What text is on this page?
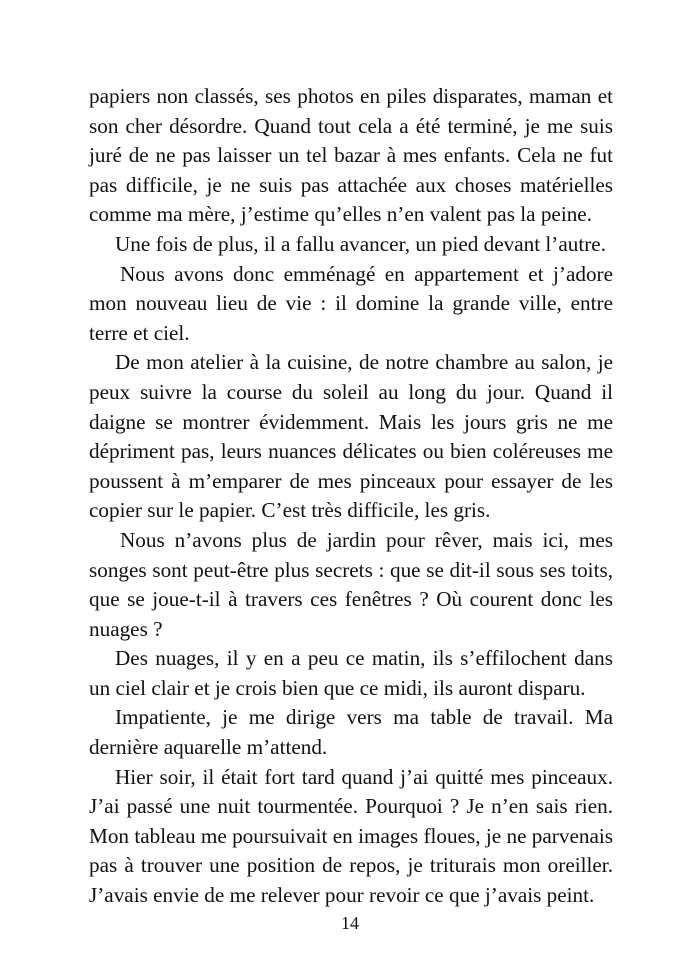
papiers non classés, ses photos en piles disparates, maman et son cher désordre. Quand tout cela a été terminé, je me suis juré de ne pas laisser un tel bazar à mes enfants. Cela ne fut pas difficile, je ne suis pas attachée aux choses matérielles comme ma mère, j’estime qu’elles n’en valent pas la peine.

Une fois de plus, il a fallu avancer, un pied devant l’autre.

Nous avons donc emménagé en appartement et j’adore mon nouveau lieu de vie : il domine la grande ville, entre terre et ciel.

De mon atelier à la cuisine, de notre chambre au salon, je peux suivre la course du soleil au long du jour. Quand il daigne se montrer évidemment. Mais les jours gris ne me dépriment pas, leurs nuances délicates ou bien coléreuses me poussent à m’emparer de mes pinceaux pour essayer de les copier sur le papier. C’est très difficile, les gris.

Nous n’avons plus de jardin pour rêver, mais ici, mes songes sont peut-être plus secrets : que se dit-il sous ses toits, que se joue-t-il à travers ces fenêtres ? Où courent donc les nuages ?

Des nuages, il y en a peu ce matin, ils s’effilochent dans un ciel clair et je crois bien que ce midi, ils auront disparu.

Impatiente, je me dirige vers ma table de travail. Ma dernière aquarelle m’attend.

Hier soir, il était fort tard quand j’ai quitté mes pinceaux. J’ai passé une nuit tourmentée. Pourquoi ? Je n’en sais rien. Mon tableau me poursuivait en images floues, je ne parvenais pas à trouver une position de repos, je triturais mon oreiller. J’avais envie de me relever pour revoir ce que j’avais peint.

14
